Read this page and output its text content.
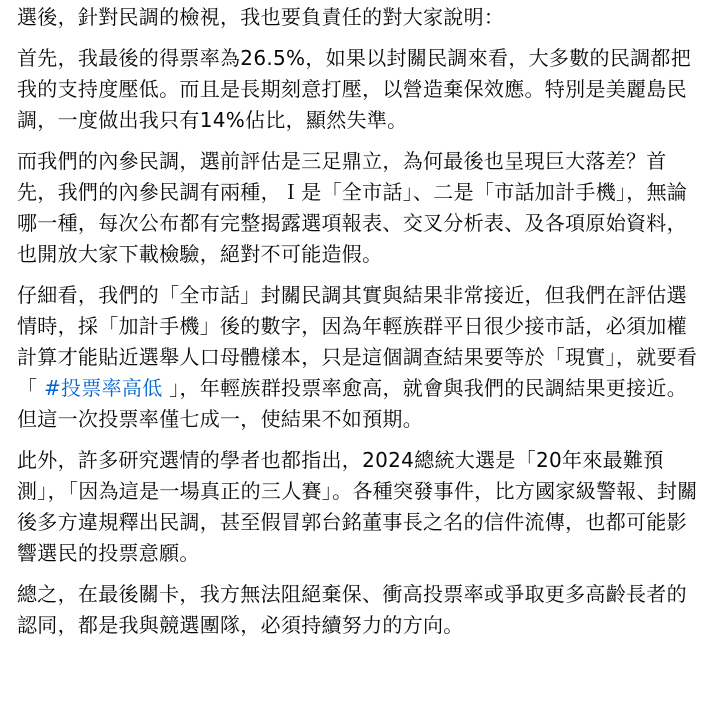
選後，針對民調的檢視，我也要負責任的對大家說明：

首先，我最後的得票率為26.5%，如果以封關民調來看，大多數的民調都把我的支持度壓低。而且是長期刻意打壓，以營造棄保效應。特別是美麗島民調，一度做出我只有14%佔比，顯然失準。

而我們的內參民調，選前評估是三足鼎立，為何最後也呈現巨大落差？首先，我們的內參民調有兩種，Ｉ是「全市話」、二是「市話加計手機」，無論哪一種，每次公布都有完整揭露選項報表、交叉分析表、及各項原始資料，也開放大家下載檢驗，絕對不可能造假。

仔細看，我們的「全市話」封關民調其實與結果非常接近，但我們在評估選情時，採「加計手機」後的數字，因為年輕族群平日很少接市話，必須加權計算才能貼近選舉人口母體樣本，只是這個調查結果要等於「現實」，就要看「 #投票率高低 」，年輕族群投票率愈高，就會與我們的民調結果更接近。但這一次投票率僅七成一，使結果不如預期。

此外，許多研究選情的學者也都指出，2024總統大選是「20年來最難預測」，「因為這是一場真正的三人賽」。各種突發事件，比方國家級警報、封關後多方違規釋出民調，甚至假冒郭台銘董事長之名的信件流傳，也都可能影響選民的投票意願。

總之，在最後關卡，我方無法阻絕棄保、衝高投票率或爭取更多高齡長者的認同，都是我與競選團隊，必須持續努力的方向。
